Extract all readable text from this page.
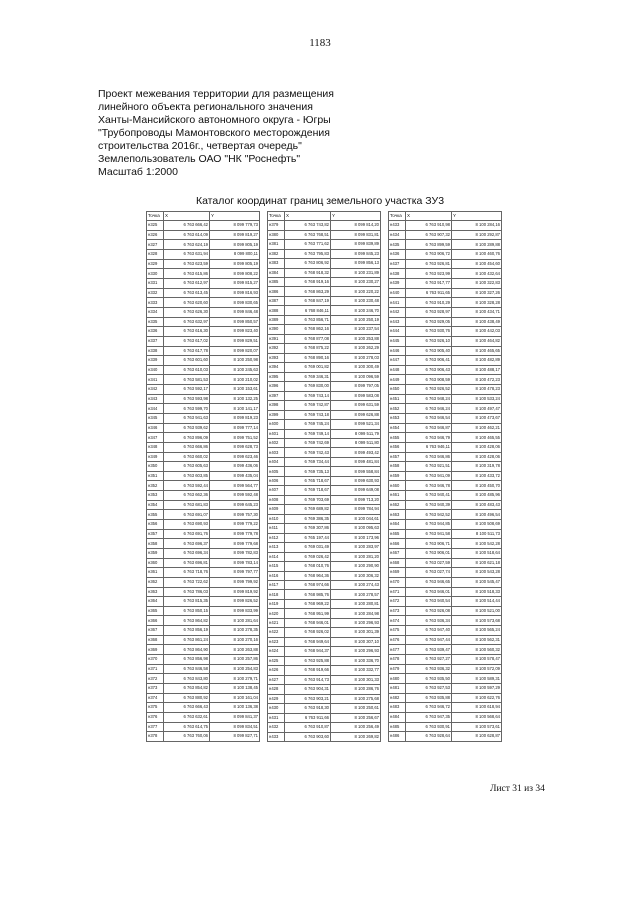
1183
Проект межевания территории для размещения
линейного объекта регионального значения
Ханты-Мансийского автономного округа - Югры
"Трубопроводы Мамонтовского месторождения
строительства 2016г., четвертая очередь"
Землепользователь ОАО "НК "Роснефть"
Масштаб 1:2000
Каталог координат границ земельного участка ЗУ3
Точка	X	Y
н325	6 763 666,42	8 099 779,73
н326	6 763 614,09	8 099 819,27
н327	6 763 624,19	8 099 805,19
н328	6 763 631,94	8 099 800,11
н329	6 763 623,59	8 099 805,19
н330	6 763 615,86	8 099 808,22
н331	6 763 612,97	8 099 815,27
н332	6 763 613,45	8 099 816,93
н333	6 763 620,60	8 099 830,65
н334	6 763 626,30	8 099 846,48
н335	6 763 632,97	8 099 850,57
н336	6 763 616,30	8 099 823,40
н337	6 763 617,02	8 099 829,51
н338	6 763 617,78	8 099 820,07
н339	6 763 601,60	8 100 250,98
н340	6 763 610,03	8 100 245,63
н341	6 763 581,53	8 100 210,02
н342	6 763 592,17	8 100 153,61
н343	6 763 593,98	8 100 132,25
н344	6 763 599,70	8 100 141,17
н345	6 763 941,63	8 099 819,23
н346	6 763 939,62	8 099 777,14
н347	6 763 896,09	8 099 751,52
н348	6 763 666,86	8 099 628,73
н349	6 763 660,02	8 099 623,46
н350	6 763 605,63	8 099 436,06
н351	6 763 603,85	8 099 435,04
н352	6 763 592,44	8 099 564,77
н353	6 763 662,36	8 099 592,48
н354	6 763 681,83	8 099 645,23
н355	6 763 691,07	8 099 757,30
н356	6 763 690,93	8 099 779,22
н357	6 763 691,76	8 099 779,78
н358	6 763 696,37	8 099 779,68
н359	6 763 696,34	8 099 782,83
н360	6 763 696,81	8 099 783,14
н361	6 763 718,76	8 099 797,77
н362	6 763 722,62	8 099 799,92
н363	6 763 786,03	8 099 819,92
н364	6 763 815,35	8 099 826,52
н365	6 763 850,15	8 099 833,99
н366	6 763 864,82	8 100 281,64
н367	6 763 856,19	8 100 278,35
н368	6 763 861,24	8 100 270,16
н369	6 763 864,90	8 100 263,88
н370	6 763 856,98	8 100 257,86
н371	6 763 846,58	8 100 254,83
н372	6 763 843,80	8 100 279,71
н373	6 763 854,82	8 100 138,45
н374	6 763 880,92	8 100 161,04
н375	6 763 666,43	8 100 136,38
н376	6 763 632,61	8 099 841,37
н377	6 763 614,75	8 099 834,51
н378	6 763 760,06	8 099 827,71
Точка	X	Y
н379	6 763 743,82	8 099 814,20
н380	6 763 768,51	8 099 831,81
н381	6 763 771,62	8 099 839,89
н382	6 763 795,83	8 099 845,23
н383	6 763 806,92	8 099 856,13
н384	6 768 918,32	8 100 231,89
н385	6 768 919,16	8 100 230,27
н386	6 768 863,29	8 100 220,22
н387	6 768 847,19	8 100 230,48
н388	6 768 846,11	8 100 246,70
н389	6 763 856,71	8 100 250,19
н390	6 768 862,16	8 100 237,54
н391	6 768 877,08	8 100 253,88
н392	6 768 875,22	8 100 262,29
н393	6 768 890,16	8 100 278,03
н394	6 769 001,82	8 100 300,49
н395	6 769 346,31	8 100 096,59
н396	6 769 830,00	8 099 797,05
н397	6 769 743,14	8 099 583,08
н398	6 769 742,87	8 099 631,59
н399	6 769 743,18	8 099 626,88
н400	6 769 745,24	8 099 521,34
н401	6 769 749,14	8 099 511,79
н402	6 769 742,69	8 099 511,80
н403	6 769 742,43	8 099 493,42
н404	6 769 734,44	8 099 481,84
н405	6 769 735,13	8 099 558,84
н406	6 765 718,67	8 099 630,93
н407	6 769 718,67	8 099 649,08
н408	6 769 703,69	8 099 713,20
н409	6 769 689,82	8 099 784,94
н410	6 769 386,35	8 100 044,61
н411	6 769 307,86	8 100 095,63
н412	6 765 197,44	8 100 173,96
н413	6 769 031,49	8 100 283,97
н414	6 769 026,42	8 100 281,20
н415	6 768 010,76	8 100 290,90
н416	6 768 964,36	8 100 306,32
н417	6 768 974,66	8 100 274,43
н418	6 768 985,76	8 100 278,57
н419	6 768 969,22	8 100 280,81
н420	6 768 951,99	8 100 284,98
н421	6 768 946,01	8 100 296,93
н422	6 768 926,02	8 100 301,39
н423	6 768 949,64	8 100 307,10
н424	6 768 944,37	8 100 296,93
н425	6 763 925,88	8 100 336,70
н426	6 768 919,66	8 100 332,77
н427	6 763 914,73	8 100 301,33
н428	6 763 904,31	8 100 286,76
н429	6 763 903,21	8 100 275,68
н430	6 763 918,30	8 100 250,61
н431	6 763 911,66	8 100 256,67
н432	6 763 910,87	8 100 256,49
н433	6 763 903,60	8 100 269,82
Точка	X	Y
н433	6 763 910,98	8 100 284,16
н434	6 763 907,32	8 100 292,87
н435	6 763 899,59	8 100 289,88
н436	6 763 906,72	8 100 460,76
н437	6 763 926,81	8 100 454,60
н438	6 763 923,99	8 100 432,64
н439	6 763 917,77	8 100 322,83
н440	6 763 911,65	8 100 327,26
н441	6 763 910,29	8 100 328,28
н442	6 763 928,97	8 100 434,71
н443	6 763 929,05	8 100 438,49
н444	6 763 930,76	8 100 442,03
н445	6 763 926,10	8 100 464,82
н446	6 763 905,40	8 100 465,65
н447	6 763 906,41	8 100 482,89
н448	6 763 906,43	8 100 488,17
н449	6 763 908,59	8 100 472,23
н450	6 763 926,52	8 100 478,23
н451	6 763 948,24	8 100 533,24
н452	6 763 946,24	8 100 497,47
н453	6 763 946,54	8 100 473,67
н454	6 763 946,87	8 100 462,21
н455	6 763 946,79	8 100 465,55
н456	6 763 946,11	8 100 428,06
н457	6 763 946,86	8 100 428,06
н458	6 763 921,51	8 100 319,78
н459	6 763 941,09	8 100 433,72
н460	6 763 946,78	8 100 450,70
н461	6 763 940,41	8 100 485,96
н462	6 763 940,39	8 100 483,43
н463	6 763 942,52	8 100 496,54
н464	6 763 944,85	8 100 508,69
н465	6 763 941,58	8 100 511,73
н466	6 763 906,71	8 100 542,28
н467	6 763 906,01	8 100 518,64
н468	6 763 027,59	8 100 621,18
н469	6 763 027,74	8 100 543,28
н470	6 763 946,65	8 100 545,47
н471	6 763 946,01	8 100 518,33
н472	6 763 940,54	8 100 514,44
н473	6 763 926,08	8 100 521,00
н474	6 763 936,34	8 100 573,68
н475	6 763 947,40	8 100 565,24
н476	6 763 947,44	8 100 562,31
н477	6 763 939,47	8 100 560,32
н478	6 763 927,27	8 100 578,47
н479	6 763 936,32	8 100 572,09
н480	6 763 935,50	8 100 589,31
н481	6 763 927,53	8 100 597,29
н482	6 763 935,88	8 100 622,76
н483	6 763 946,72	8 100 618,94
н484	6 763 947,35	8 100 568,64
н485	6 763 930,91	8 100 573,61
н486	6 763 928,64	8 100 628,87
Лист 31 из 34
